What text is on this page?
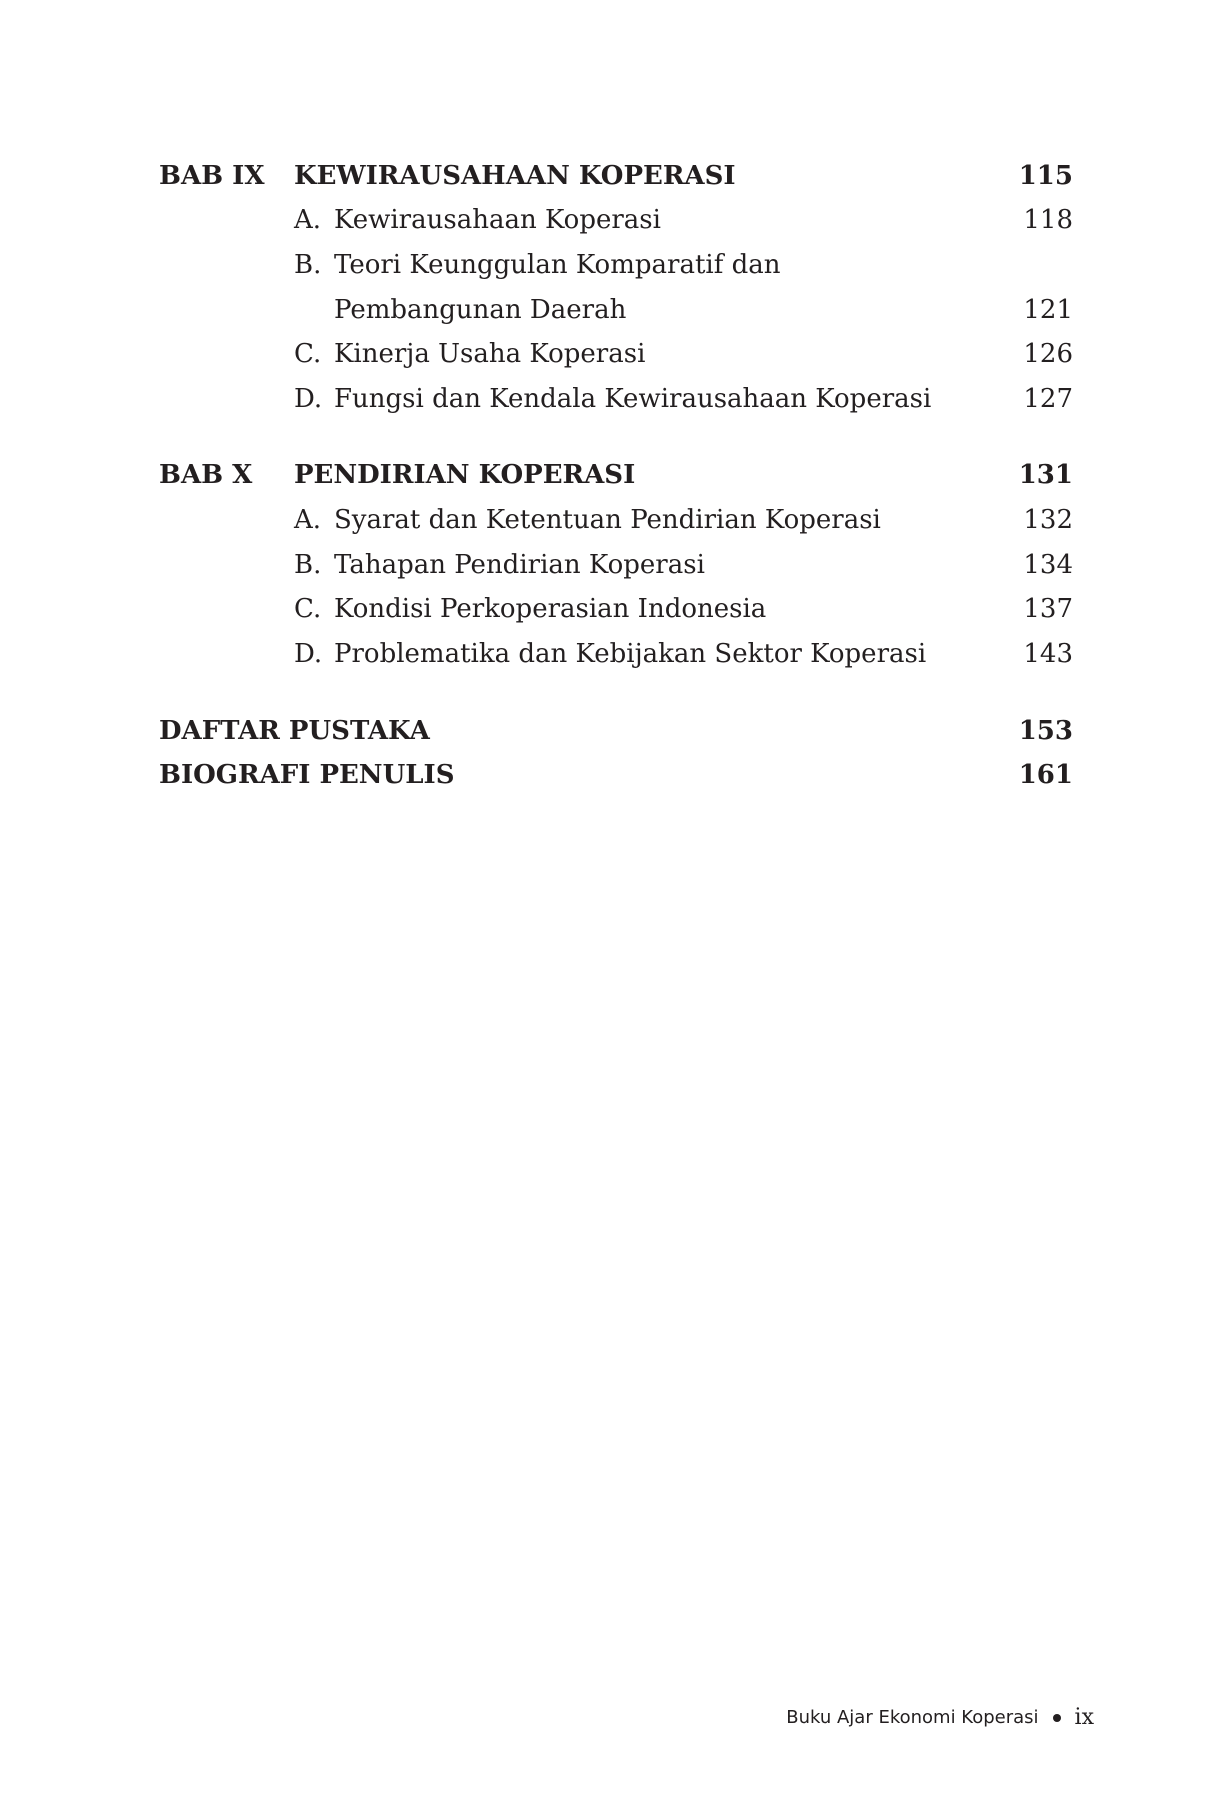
BAB IX KEWIRAUSAHAAN KOPERASI	115
A. Kewirausahaan Koperasi	118
B. Teori Keunggulan Komparatif dan
Pembangunan Daerah	121
C. Kinerja Usaha Koperasi	126
D. Fungsi dan Kendala Kewirausahaan Koperasi	127
BAB X PENDIRIAN KOPERASI	131
A. Syarat dan Ketentuan Pendirian Koperasi	132
B. Tahapan Pendirian Koperasi	134
C. Kondisi Perkoperasian Indonesia	137
D. Problematika dan Kebijakan Sektor Koperasi	143
DAFTAR PUSTAKA	153
BIOGRAFI PENULIS	161
Buku Ajar Ekonomi Koperasi ix
